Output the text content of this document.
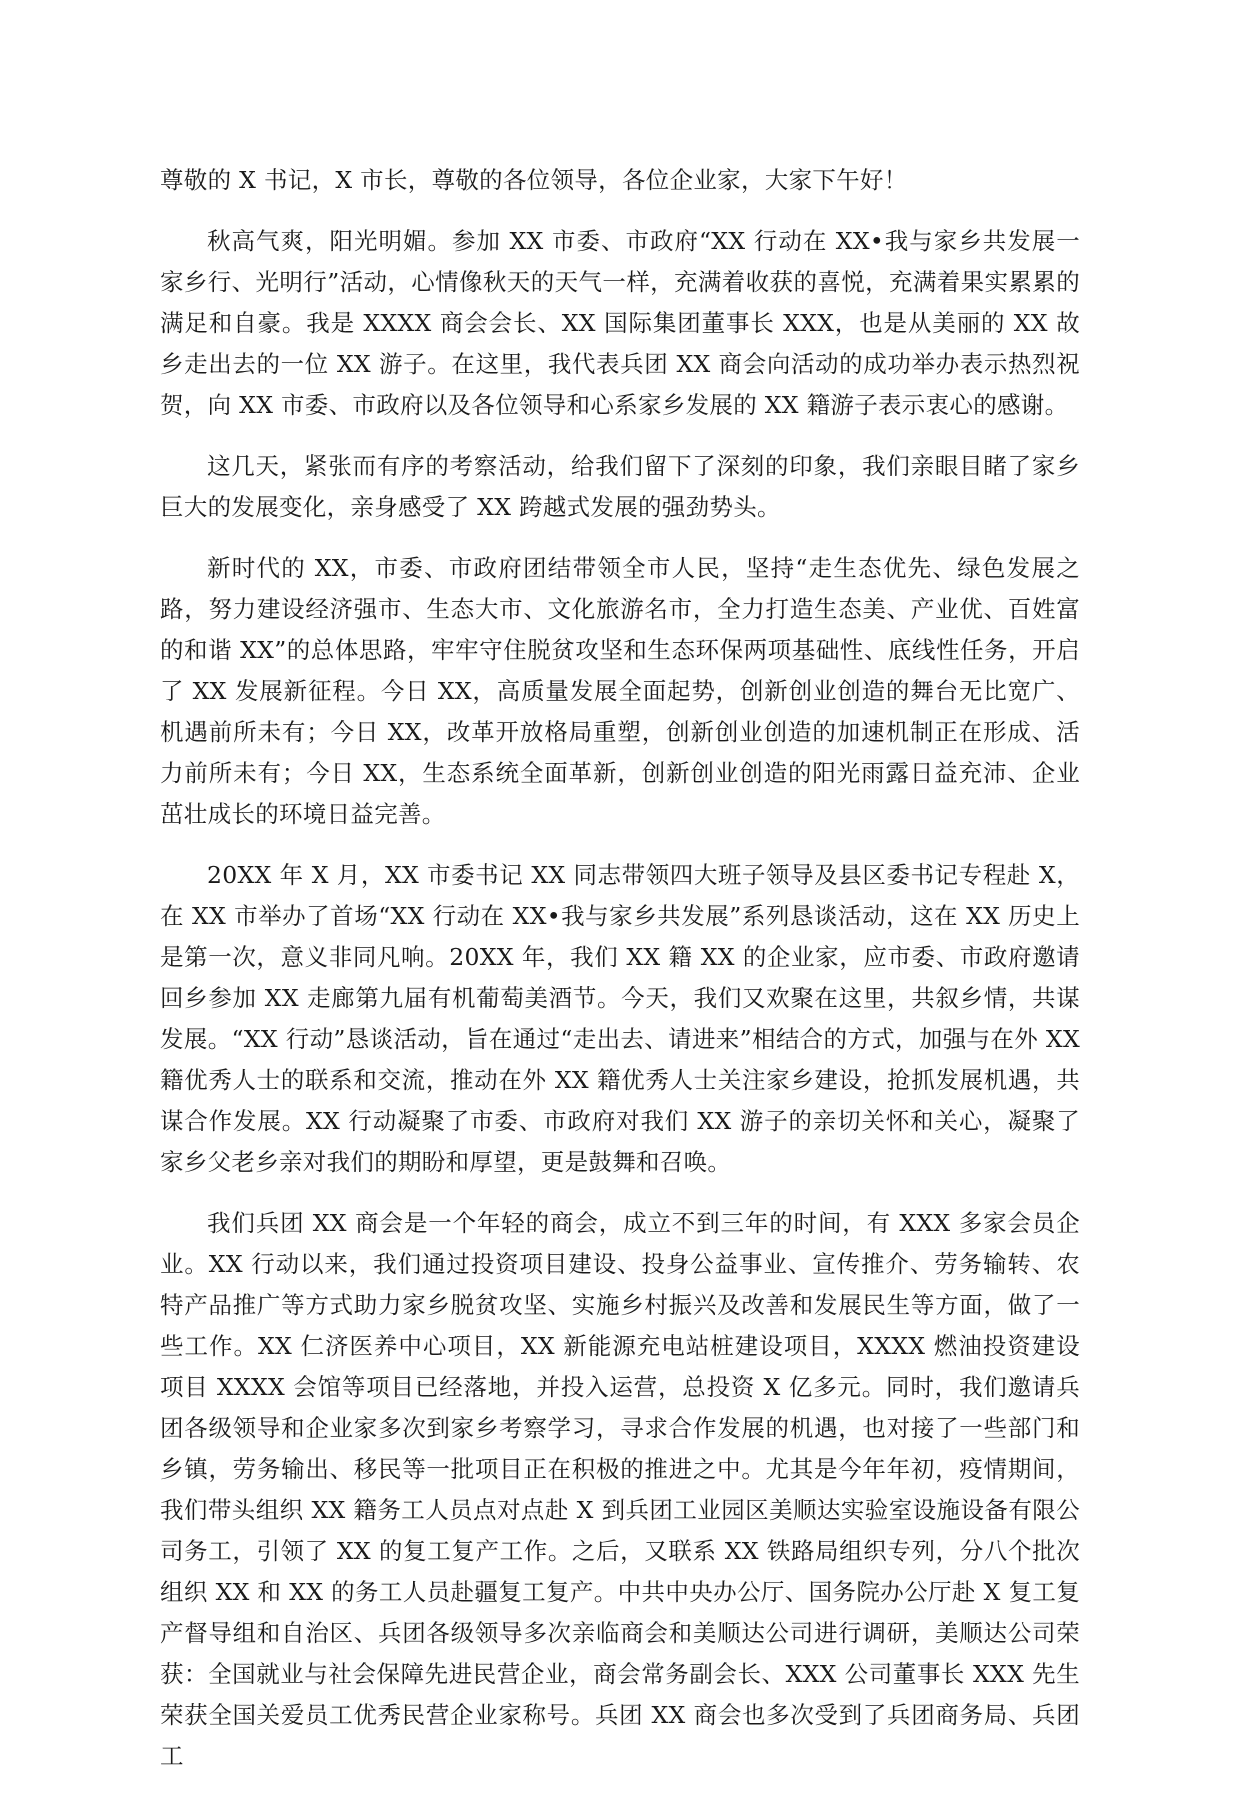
尊敬的 X 书记，X 市长，尊敬的各位领导，各位企业家，大家下午好！

秋高气爽，阳光明媚。参加 XX 市委、市政府“XX 行动在 XX•我与家乡共发展一家乡行、光明行”活动，心情像秋天的天气一样，充满着收获的喜悦，充满着果实累累的满足和自豪。我是 XXXX 商会会长、XX 国际集团董事长 XXX，也是从美丽的 XX 故乡走出去的一位 XX 游子。在这里，我代表兵团 XX 商会向活动的成功举办表示热烈祝贺，向 XX 市委、市政府以及各位领导和心系家乡发展的 XX 籍游子表示衷心的感谢。

这几天，紧张而有序的考察活动，给我们留下了深刻的印象，我们亲眼目睹了家乡巨大的发展变化，亲身感受了 XX 跨越式发展的强劲势头。

新时代的 XX，市委、市政府团结带领全市人民，坚持“走生态优先、绿色发展之路，努力建设经济强市、生态大市、文化旅游名市，全力打造生态美、产业优、百姓富的和谐 XX”的总体思路，牢牢守住脱贫攻坚和生态环保两项基础性、底线性任务，开启了 XX 发展新征程。今日 XX，高质量发展全面起势，创新创业创造的舞台无比宽广、机遇前所未有；今日 XX，改革开放格局重塑，创新创业创造的加速机制正在形成、活力前所未有；今日 XX，生态系统全面革新，创新创业创造的阳光雨露日益充沛、企业茁壮成长的环境日益完善。

20XX 年 X 月，XX 市委书记 XX 同志带领四大班子领导及县区委书记专程赴 X，在 XX 市举办了首场“XX 行动在 XX•我与家乡共发展”系列恳谈活动，这在 XX 历史上是第一次，意义非同凡响。20XX 年，我们 XX 籍 XX 的企业家，应市委、市政府邀请回乡参加 XX 走廊第九届有机葡萄美酒节。今天，我们又欢聚在这里，共叙乡情，共谋发展。“XX 行动”恳谈活动，旨在通过“走出去、请进来”相结合的方式，加强与在外 XX 籍优秀人士的联系和交流，推动在外 XX 籍优秀人士关注家乡建设，抢抓发展机遇，共谋合作发展。XX 行动凝聚了市委、市政府对我们 XX 游子的亲切关怀和关心，凝聚了家乡父老乡亲对我们的期盼和厚望，更是鼓舞和召唤。

我们兵团 XX 商会是一个年轻的商会，成立不到三年的时间，有 XXX 多家会员企业。XX 行动以来，我们通过投资项目建设、投身公益事业、宣传推介、劳务输转、农特产品推广等方式助力家乡脱贫攻坚、实施乡村振兴及改善和发展民生等方面，做了一些工作。XX 仁济医养中心项目，XX 新能源充电站桩建设项目，XXXX 燃油投资建设项目 XXXX 会馆等项目已经落地，并投入运营，总投资 X 亿多元。同时，我们邀请兵团各级领导和企业家多次到家乡考察学习，寻求合作发展的机遇，也对接了一些部门和乡镇，劳务输出、移民等一批项目正在积极的推进之中。尤其是今年年初，疫情期间，我们带头组织 XX 籍务工人员点对点赴 X 到兵团工业园区美顺达实验室设施设备有限公司务工，引领了 XX 的复工复产工作。之后，又联系 XX 铁路局组织专列，分八个批次组织 XX 和 XX 的务工人员赴疆复工复产。中共中央办公厅、国务院办公厅赴 X 复工复产督导组和自治区、兵团各级领导多次亲临商会和美顺达公司进行调研，美顺达公司荣获：全国就业与社会保障先进民营企业，商会常务副会长、XXX 公司董事长 XXX 先生荣获全国关爱员工优秀民营企业家称号。兵团 XX 商会也多次受到了兵团商务局、兵团工
